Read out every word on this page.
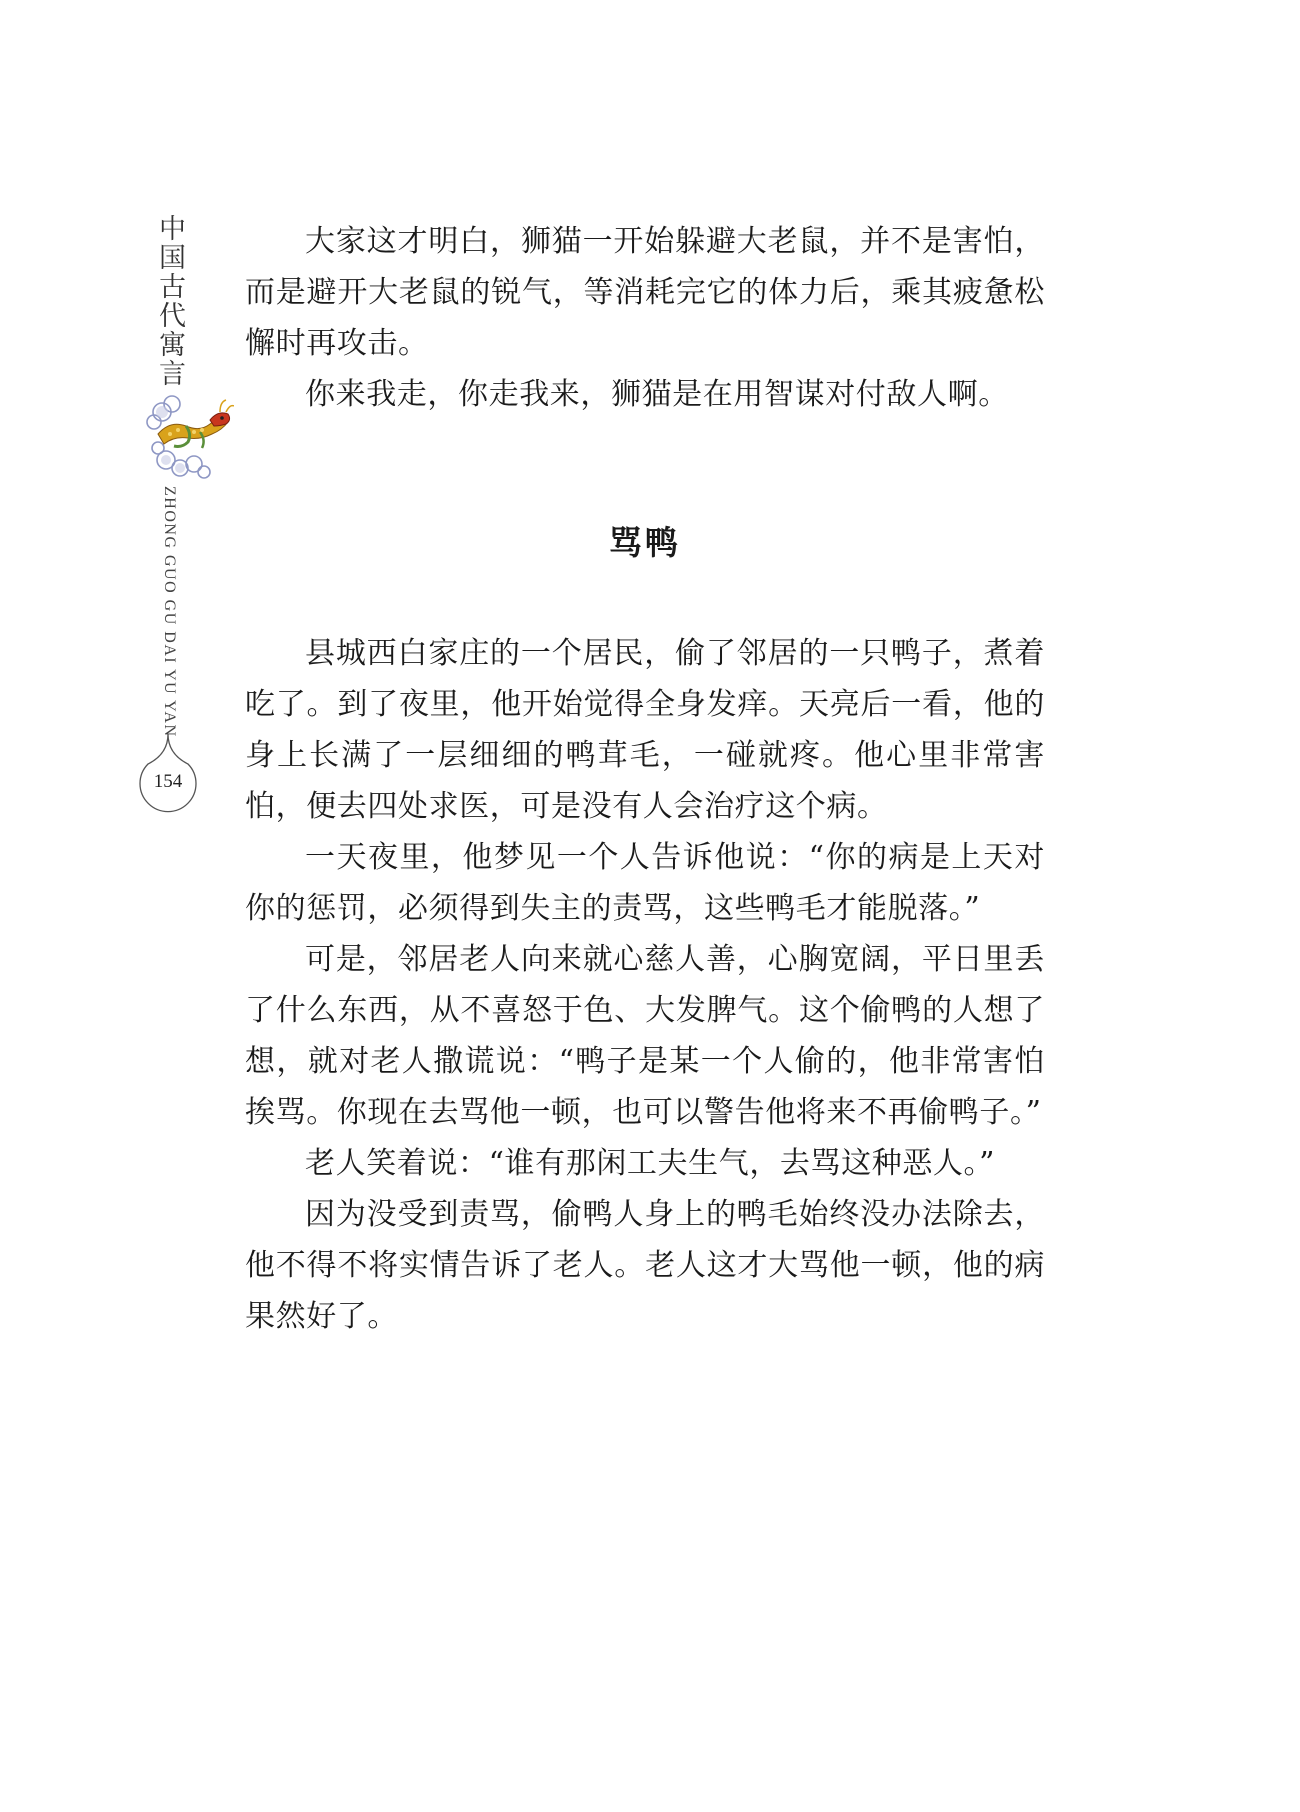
中国古代寓言
ZHONG GUO GU DAI YU YAN
154

大家这才明白，狮猫一开始躲避大老鼠，并不是害怕，而是避开大老鼠的锐气，等消耗完它的体力后，乘其疲惫松懈时再攻击。

你来我走，你走我来，狮猫是在用智谋对付敌人啊。

骂鸭

县城西白家庄的一个居民，偷了邻居的一只鸭子，煮着吃了。到了夜里，他开始觉得全身发痒。天亮后一看，他的身上长满了一层细细的鸭茸毛，一碰就疼。他心里非常害怕，便去四处求医，可是没有人会治疗这个病。

一天夜里，他梦见一个人告诉他说：“你的病是上天对你的惩罚，必须得到失主的责骂，这些鸭毛才能脱落。”

可是，邻居老人向来就心慈人善，心胸宽阔，平日里丢了什么东西，从不喜怒于色、大发脾气。这个偷鸭的人想了想，就对老人撒谎说：“鸭子是某一个人偷的，他非常害怕挨骂。你现在去骂他一顿，也可以警告他将来不再偷鸭子。”

老人笑着说：“谁有那闲工夫生气，去骂这种恶人。”

因为没受到责骂，偷鸭人身上的鸭毛始终没办法除去，他不得不将实情告诉了老人。老人这才大骂他一顿，他的病果然好了。
